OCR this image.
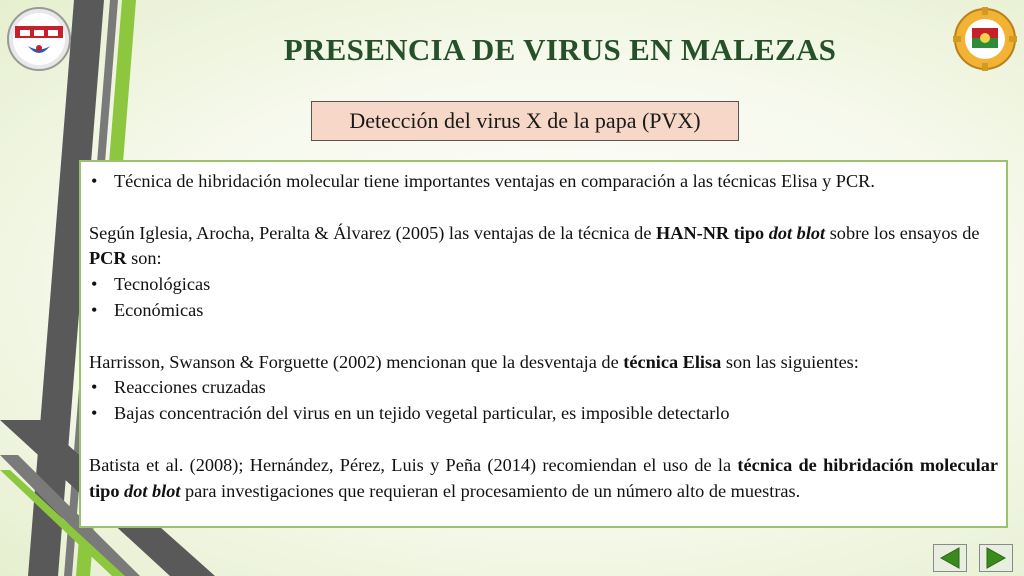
PRESENCIA DE VIRUS EN MALEZAS
Detección del virus X de la papa (PVX)

• Técnica de hibridación molecular tiene importantes ventajas en comparación a las técnicas Elisa y PCR.

Según Iglesia, Arocha, Peralta & Álvarez (2005) las ventajas de la técnica de HAN-NR tipo dot blot sobre los ensayos de PCR son:

• Tecnológicas

• Económicas

Harrisson, Swanson & Forguette (2002) mencionan que la desventaja de técnica Elisa son las siguientes:

• Reacciones cruzadas

• Bajas concentración del virus en un tejido vegetal particular, es imposible detectarlo

Batista et al. (2008); Hernández, Pérez, Luis y Peña (2014) recomiendan el uso de la técnica de hibridación molecular tipo dot blot para investigaciones que requieran el procesamiento de un número alto de muestras.
